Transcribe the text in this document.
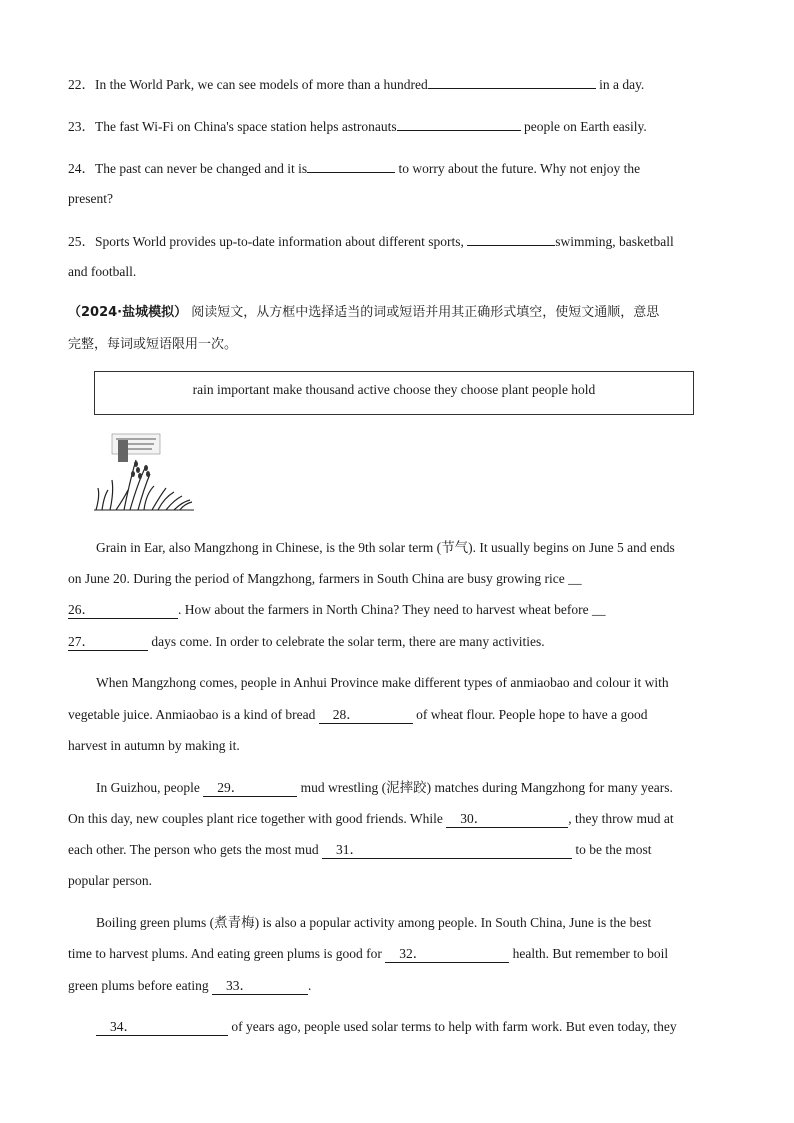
22．In the World Park, we can see models of more than a hundred	in a day.
23．The fast Wi-Fi on China's space station helps astronauts	people on Earth easily.
24．The past can never be changed and it is	to worry about the future. Why not enjoy the
present?
25．Sports World provides up-to-date information about different sports,	swimming, basketball
and football.
（2024·盐城模拟） 阅读短文，从方框中选择适当的词或短语并用其正确形式填空，使短文通顺，意思
完整，每词或短语限用一次。
rain important make thousand active choose they choose plant people hold
Grain in Ear, also Mangzhong in Chinese, is the 9th solar term (节气). It usually begins on June 5 and ends
on June 20. During the period of Mangzhong, farmers in South China are busy growing rice __
26．	. How about the farmers in North China? They need to harvest wheat before __
27．	days come. In order to celebrate the solar term, there are many activities.
When Mangzhong comes, people in Anhui Province make different types of anmiaobao and colour it with
vegetable juice. Anmiaobao is a kind of bread 28．	of wheat flour. People hope to have a good
harvest in autumn by making it.
In Guizhou, people 29．	mud wrestling (泥摔跤) matches during Mangzhong for many years.
On this day, new couples plant rice together with good friends. While 30．	, they throw mud at
each other. The person who gets the most mud 31．	to be the most
popular person.
Boiling green plums (煮青梅) is also a popular activity among people. In South China, June is the best
time to harvest plums. And eating green plums is good for 32．	health. But remember to boil
green plums before eating 33．	.
34．	of years ago, people used solar terms to help with farm work. But even today, they
